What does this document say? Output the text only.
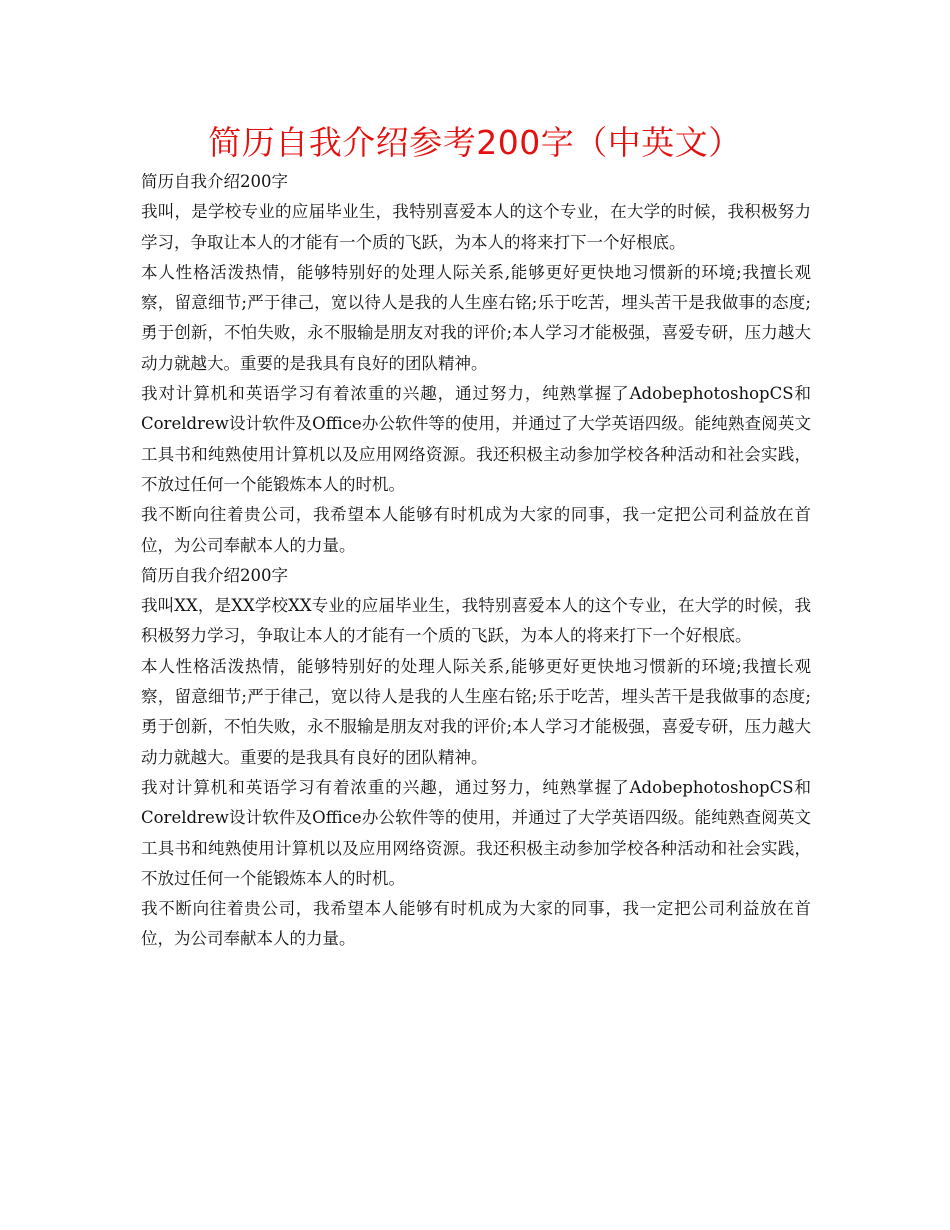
简历自我介绍参考200字（中英文）

简历自我介绍200字

我叫，是学校专业的应届毕业生，我特别喜爱本人的这个专业，在大学的时候，我积极努力学习，争取让本人的才能有一个质的飞跃，为本人的将来打下一个好根底。

本人性格活泼热情，能够特别好的处理人际关系,能够更好更快地习惯新的环境;我擅长观察，留意细节;严于律己，宽以待人是我的人生座右铭;乐于吃苦，埋头苦干是我做事的态度;勇于创新，不怕失败，永不服输是朋友对我的评价;本人学习才能极强，喜爱专研，压力越大动力就越大。重要的是我具有良好的团队精神。

我对计算机和英语学习有着浓重的兴趣，通过努力，纯熟掌握了AdobephotoshopCS和Coreldrew设计软件及Office办公软件等的使用，并通过了大学英语四级。能纯熟查阅英文工具书和纯熟使用计算机以及应用网络资源。我还积极主动参加学校各种活动和社会实践，不放过任何一个能锻炼本人的时机。

我不断向往着贵公司，我希望本人能够有时机成为大家的同事，我一定把公司利益放在首位，为公司奉献本人的力量。

简历自我介绍200字

我叫XX，是XX学校XX专业的应届毕业生，我特别喜爱本人的这个专业，在大学的时候，我积极努力学习，争取让本人的才能有一个质的飞跃，为本人的将来打下一个好根底。

本人性格活泼热情，能够特别好的处理人际关系,能够更好更快地习惯新的环境;我擅长观察，留意细节;严于律己，宽以待人是我的人生座右铭;乐于吃苦，埋头苦干是我做事的态度;勇于创新，不怕失败，永不服输是朋友对我的评价;本人学习才能极强，喜爱专研，压力越大动力就越大。重要的是我具有良好的团队精神。

我对计算机和英语学习有着浓重的兴趣，通过努力，纯熟掌握了AdobephotoshopCS和Coreldrew设计软件及Office办公软件等的使用，并通过了大学英语四级。能纯熟查阅英文工具书和纯熟使用计算机以及应用网络资源。我还积极主动参加学校各种活动和社会实践，不放过任何一个能锻炼本人的时机。

我不断向往着贵公司，我希望本人能够有时机成为大家的同事，我一定把公司利益放在首位，为公司奉献本人的力量。
